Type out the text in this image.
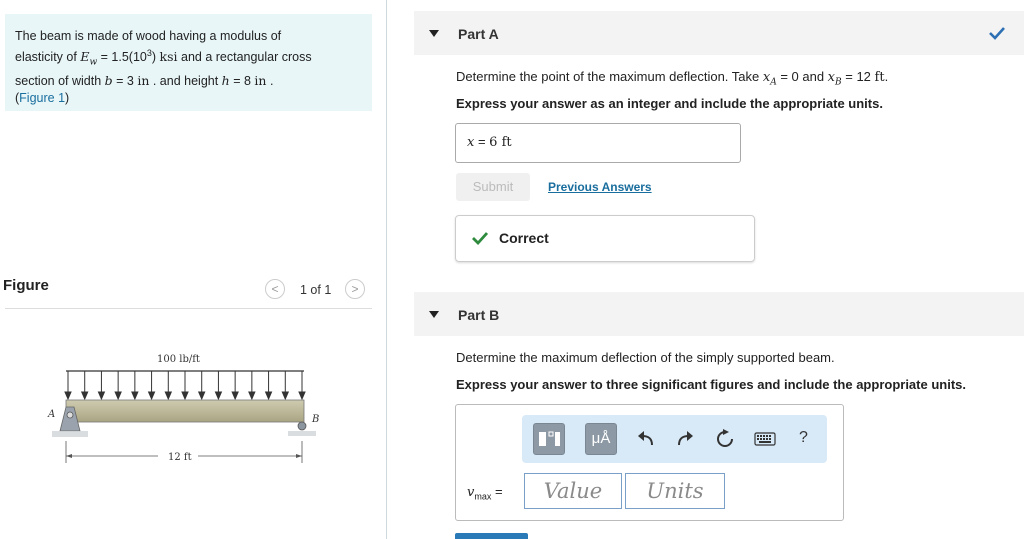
The beam is made of wood having a modulus of
elasticity of $E_w = 1.5(10^3)$ ksi and a rectangular cross
section of width b = 3 in . and height h = 8 in .
(Figure 1)
Figure	<	1 of 1	>
100 lb/ft
A	B
12 ft
Part A
Determine the point of the maximum deflection. Take $x_A = 0$ and $x_B = 12$ ft.
Express your answer as an integer and include the appropriate units.
x = 6 ft
Submit	Previous Answers
Correct
Part B
Determine the maximum deflection of the simply supported beam.
Express your answer to three significant figures and include the appropriate units.
μÅ	?
$v_{max}$ =	Value	Units
